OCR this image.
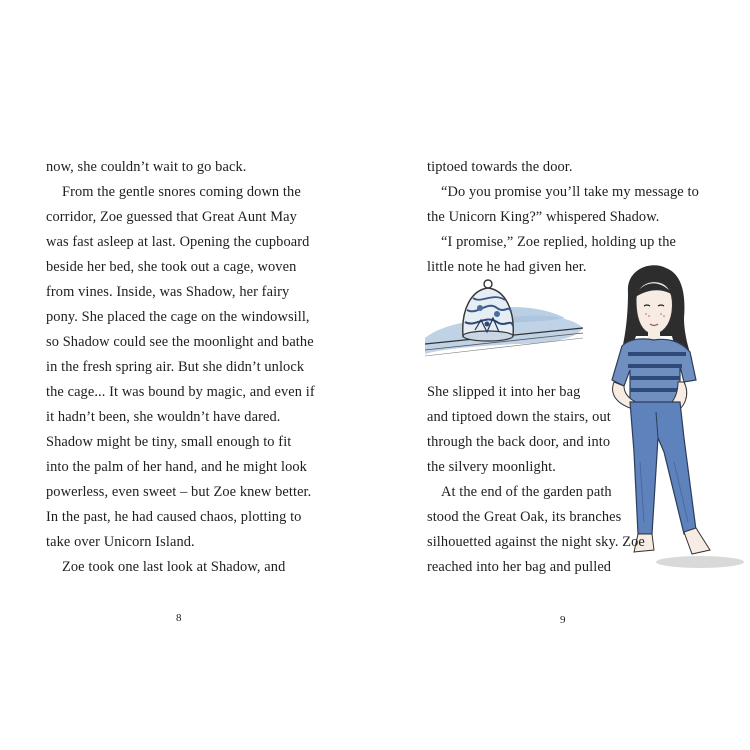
now, she couldn’t wait to go back.
From the gentle snores coming down the
corridor, Zoe guessed that Great Aunt May
was fast asleep at last. Opening the cupboard
beside her bed, she took out a cage, woven
from vines. Inside, was Shadow, her fairy
pony. She placed the cage on the windowsill,
so Shadow could see the moonlight and bathe
in the fresh spring air. But she didn’t unlock
the cage... It was bound by magic, and even if
it hadn’t been, she wouldn’t have dared.
Shadow might be tiny, small enough to fit
into the palm of her hand, and he might look
powerless, even sweet – but Zoe knew better.
In the past, he had caused chaos, plotting to
take over Unicorn Island.
Zoe took one last look at Shadow, and
8
tiptoed towards the door.
“Do you promise you’ll take my message to
the Unicorn King?” whispered Shadow.
“I promise,” Zoe replied, holding up the
little note he had given her.
She slipped it into her bag
and tiptoed down the stairs, out
through the back door, and into
the silvery moonlight.
At the end of the garden path
stood the Great Oak, its branches
silhouetted against the night sky. Zoe
reached into her bag and pulled
9
